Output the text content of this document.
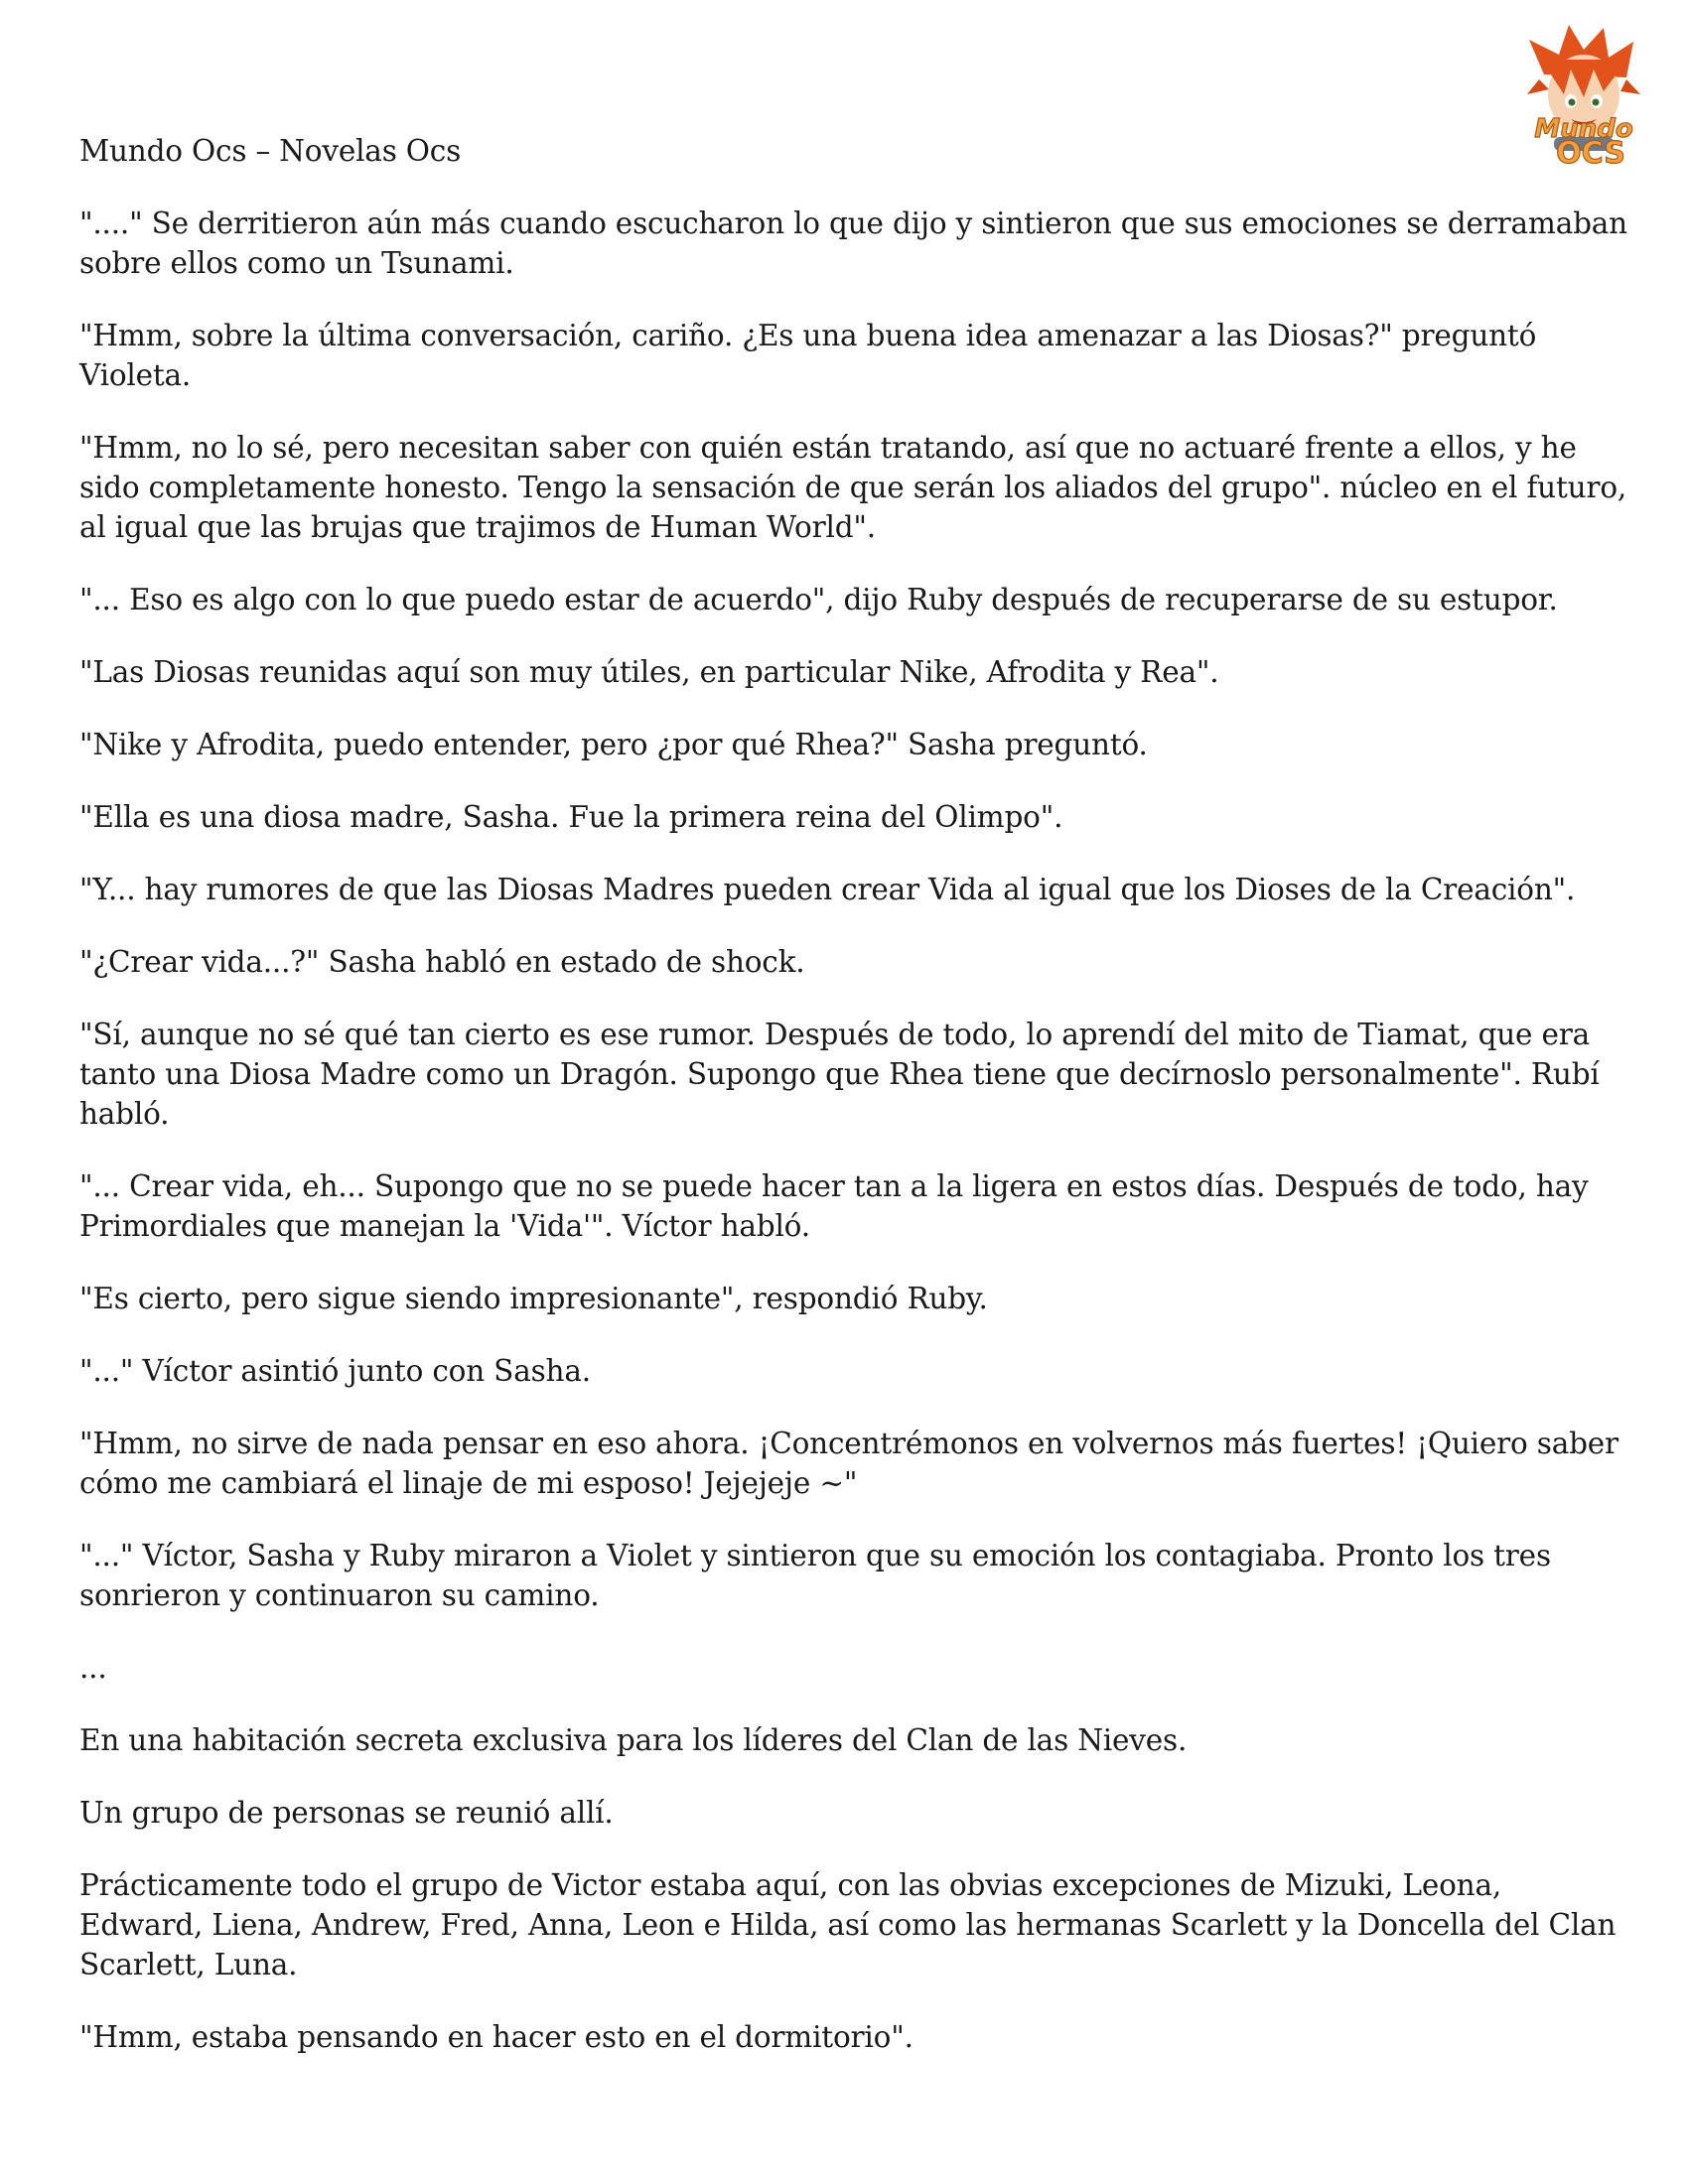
Mundo
OCS

Mundo Ocs – Novelas Ocs

"...." Se derritieron aún más cuando escucharon lo que dijo y sintieron que sus emociones se derramaban sobre ellos como un Tsunami.

"Hmm, sobre la última conversación, cariño. ¿Es una buena idea amenazar a las Diosas?" preguntó Violeta.

"Hmm, no lo sé, pero necesitan saber con quién están tratando, así que no actuaré frente a ellos, y he sido completamente honesto. Tengo la sensación de que serán los aliados del grupo". núcleo en el futuro, al igual que las brujas que trajimos de Human World".

"... Eso es algo con lo que puedo estar de acuerdo", dijo Ruby después de recuperarse de su estupor.

"Las Diosas reunidas aquí son muy útiles, en particular Nike, Afrodita y Rea".

"Nike y Afrodita, puedo entender, pero ¿por qué Rhea?" Sasha preguntó.

"Ella es una diosa madre, Sasha. Fue la primera reina del Olimpo".

"Y... hay rumores de que las Diosas Madres pueden crear Vida al igual que los Dioses de la Creación".

"¿Crear vida...?" Sasha habló en estado de shock.

"Sí, aunque no sé qué tan cierto es ese rumor. Después de todo, lo aprendí del mito de Tiamat, que era tanto una Diosa Madre como un Dragón. Supongo que Rhea tiene que decírnoslo personalmente". Rubí habló.

"... Crear vida, eh... Supongo que no se puede hacer tan a la ligera en estos días. Después de todo, hay Primordiales que manejan la 'Vida'". Víctor habló.

"Es cierto, pero sigue siendo impresionante", respondió Ruby.

"..." Víctor asintió junto con Sasha.

"Hmm, no sirve de nada pensar en eso ahora. ¡Concentrémonos en volvernos más fuertes! ¡Quiero saber cómo me cambiará el linaje de mi esposo! Jejejeje ~"

"..." Víctor, Sasha y Ruby miraron a Violet y sintieron que su emoción los contagiaba. Pronto los tres sonrieron y continuaron su camino.

...

En una habitación secreta exclusiva para los líderes del Clan de las Nieves.

Un grupo de personas se reunió allí.

Prácticamente todo el grupo de Victor estaba aquí, con las obvias excepciones de Mizuki, Leona, Edward, Liena, Andrew, Fred, Anna, Leon e Hilda, así como las hermanas Scarlett y la Doncella del Clan Scarlett, Luna.

"Hmm, estaba pensando en hacer esto en el dormitorio".
